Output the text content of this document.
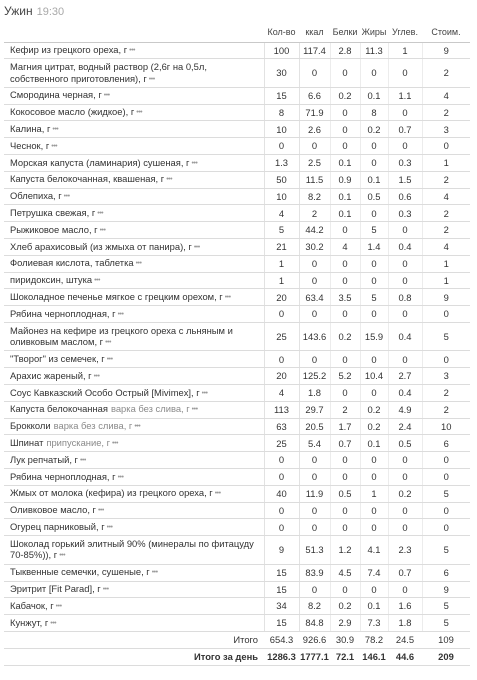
Ужин 19:30
	Кол-во	ккал	Белки	Жиры	Углев.	Стоим.
Кефир из грецкого ореха, г •••	100	117.4	2.8	11.3	1	9
Магния цитрат, водный раствор (2,6г на 0,5л, собственного приготовления), г •••	30	0	0	0	0	2
Смородина черная, г •••	15	6.6	0.2	0.1	1.1	4
Кокосовое масло (жидкое), г •••	8	71.9	0	8	0	2
Калина, г •••	10	2.6	0	0.2	0.7	3
Чеснок, г •••	0	0	0	0	0	0
Морская капуста (ламинария) сушеная, г •••	1.3	2.5	0.1	0	0.3	1
Капуста белокочанная, квашеная, г •••	50	11.5	0.9	0.1	1.5	2
Облепиха, г •••	10	8.2	0.1	0.5	0.6	4
Петрушка свежая, г •••	4	2	0.1	0	0.3	2
Рыжиковое масло, г •••	5	44.2	0	5	0	2
Хлеб арахисовый (из жмыха от панира), г •••	21	30.2	4	1.4	0.4	4
Фолиевая кислота, таблетка •••	1	0	0	0	0	1
пиридоксин, штука •••	1	0	0	0	0	1
Шоколадное печенье мягкое с грецким орехом, г •••	20	63.4	3.5	5	0.8	9
Рябина черноплодная, г •••	0	0	0	0	0	0
Майонез на кефире из грецкого ореха с льняным и оливковым маслом, г •••	25	143.6	0.2	15.9	0.4	5
"Творог" из семечек, г •••	0	0	0	0	0	0
Арахис жареный, г •••	20	125.2	5.2	10.4	2.7	3
Соус Кавказский Особо Острый [Mivimex], г •••	4	1.8	0	0	0.4	2
Капуста белокочанная варка без слива, г •••	113	29.7	2	0.2	4.9	2
Брокколи варка без слива, г •••	63	20.5	1.7	0.2	2.4	10
Шпинат припускание, г •••	25	5.4	0.7	0.1	0.5	6
Лук репчатый, г •••	0	0	0	0	0	0
Рябина черноплодная, г •••	0	0	0	0	0	0
Жмых от молока (кефира) из грецкого ореха, г •••	40	11.9	0.5	1	0.2	5
Оливковое масло, г •••	0	0	0	0	0	0
Огурец парниковый, г •••	0	0	0	0	0	0
Шоколад горький элитный 90% (минералы по фитацуду 70-85%)), г •••	9	51.3	1.2	4.1	2.3	5
Тыквенные семечки, сушеные, г •••	15	83.9	4.5	7.4	0.7	6
Эритрит [Fit Parad], г •••	15	0	0	0	0	9
Кабачок, г •••	34	8.2	0.2	0.1	1.6	5
Кунжут, г •••	15	84.8	2.9	7.3	1.8	5
Итого	654.3	926.6	30.9	78.2	24.5	109
Итого за день	1286.3	1777.1	72.1	146.1	44.6	209
